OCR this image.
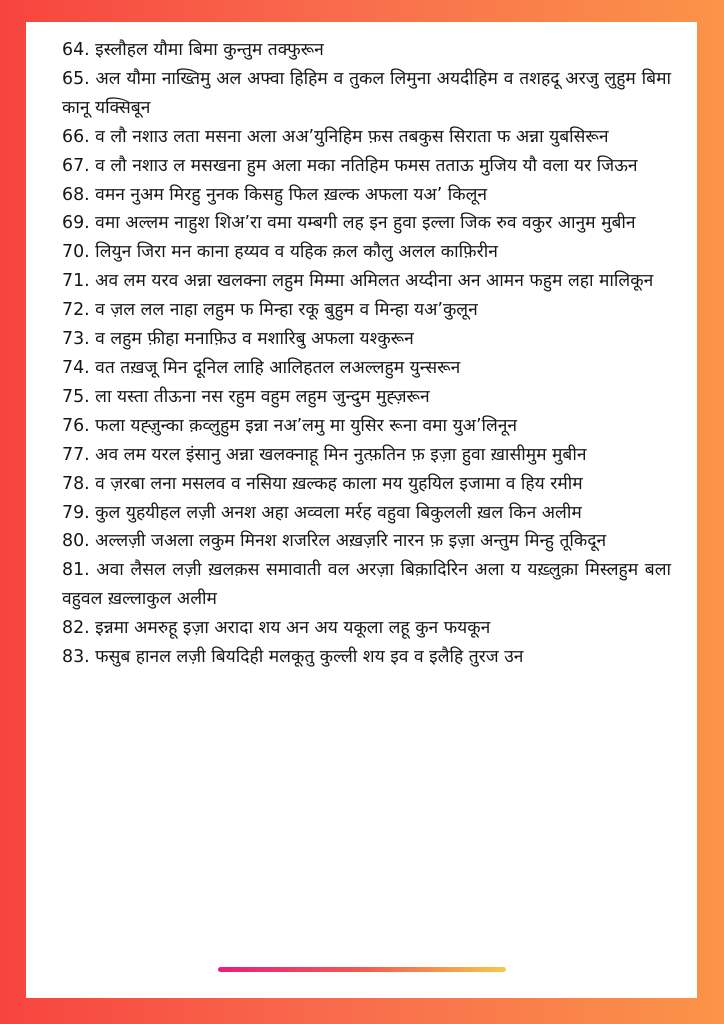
64. इस्लौहल यौमा बिमा कुन्तुम तक्फुरून

65. अल यौमा नाख्तिमु अल अफ्वा हिहिम व तुकल लिमुना अयदीहिम व तशहदू अरजु लुहुम बिमा कानू यक्सिबून

66. व लौ नशाउ लता मसना अला अअ’युनिहिम फ़स तबकुस सिराता फ अन्ना युबसिरून

67. व लौ नशाउ ल मसखना हुम अला मका नतिहिम फमस तताऊ मुजिय यौ वला यर जिऊन

68. वमन नुअम मिरहु नुनक किसहु फिल ख़ल्क अफला यअ’ किलून

69. वमा अल्लम नाहुश शिअ’रा वमा यम्बगी लह इन हुवा इल्ला जिक रुव वकुर आनुम मुबीन

70. लियुन जिरा मन काना हय्यव व यहिक क़ल कौलु अलल काफ़िरीन

71. अव लम यरव अन्ना खलक्ना लहुम मिम्मा अमिलत अय्दीना अन आमन फहुम लहा मालिकून

72. व ज़ल लल नाहा लहुम फ मिन्हा रकू बुहुम व मिन्हा यअ’कुलून

73. व लहुम फ़ीहा मनाफ़िउ व मशारिबु अफला यश्कुरून

74. वत तख़जू मिन दूनिल लाहि आलिहतल लअल्लहुम युन्सरून

75. ला यस्ता तीऊना नस रहुम वहुम लहुम जुन्दुम मुह्ज़रून

76. फला यह्ज़ुन्का क़व्लुहुम इन्ना नअ’लमु मा युसिर रूना वमा युअ’लिनून

77. अव लम यरल इंसानु अन्ना खलक्नाहू मिन नुत्फ़तिन फ़ इज़ा हुवा ख़ासीमुम मुबीन

78. व ज़रबा लना मसलव व नसिया ख़ल्कह काला मय युहयिल इजामा व हिय रमीम

79. कुल युहयीहल लज़ी अनश अहा अव्वला मर्रह वहुवा बिकुलली ख़ल किन अलीम

80. अल्लज़ी जअला लकुम मिनश शजरिल अख़ज़रि नारन फ़ इज़ा अन्तुम मिन्हु तूकिदून

81. अवा लैसल लज़ी ख़लक़स समावाती वल अरज़ा बिक़ादिरिन अला य यख़्लुक़ा मिस्लहुम बला वहुवल ख़ल्लाकुल अलीम

82. इन्नमा अमरुहू इज़ा अरादा शय अन अय यकूला लहू कुन फयकून

83. फसुब हानल लज़ी बियदिही मलकूतु कुल्ली शय इव व इलैहि तुरज उन
